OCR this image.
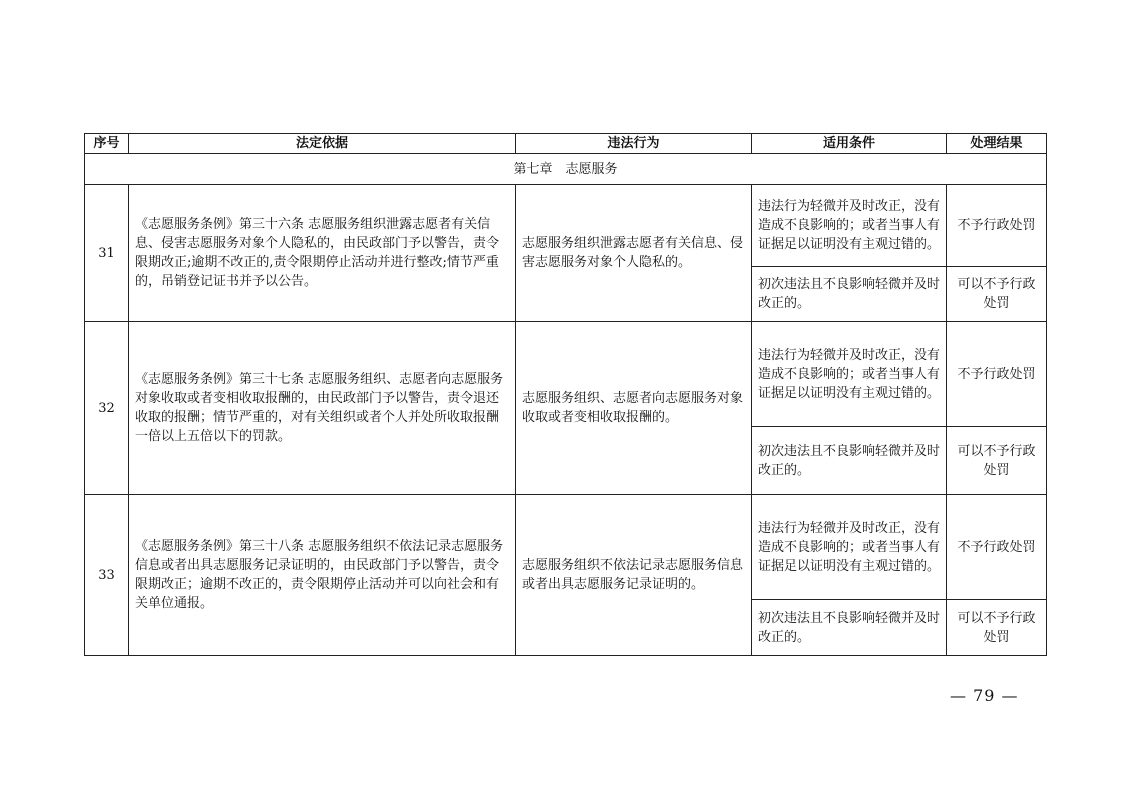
序号	法定依据	违法行为	适用条件	处理结果
第七章　志愿服务				
31	《志愿服务条例》第三十六条 志愿服务组织泄露志愿者有关信息、侵害志愿服务对象个人隐私的，由民政部门予以警告，责令限期改正;逾期不改正的,责令限期停止活动并进行整改;情节严重的，吊销登记证书并予以公告。	志愿服务组织泄露志愿者有关信息、侵害志愿服务对象个人隐私的。	违法行为轻微并及时改正，没有造成不良影响的；或者当事人有证据足以证明没有主观过错的。	不予行政处罚
			初次违法且不良影响轻微并及时改正的。	可以不予行政处罚
32	《志愿服务条例》第三十七条 志愿服务组织、志愿者向志愿服务对象收取或者变相收取报酬的，由民政部门予以警告，责令退还收取的报酬；情节严重的，对有关组织或者个人并处所收取报酬一倍以上五倍以下的罚款。	志愿服务组织、志愿者向志愿服务对象收取或者变相收取报酬的。	违法行为轻微并及时改正，没有造成不良影响的；或者当事人有证据足以证明没有主观过错的。	不予行政处罚
			初次违法且不良影响轻微并及时改正的。	可以不予行政处罚
33	《志愿服务条例》第三十八条 志愿服务组织不依法记录志愿服务信息或者出具志愿服务记录证明的，由民政部门予以警告，责令限期改正；逾期不改正的，责令限期停止活动并可以向社会和有关单位通报。	志愿服务组织不依法记录志愿服务信息或者出具志愿服务记录证明的。	违法行为轻微并及时改正，没有造成不良影响的；或者当事人有证据足以证明没有主观过错的。	不予行政处罚
			初次违法且不良影响轻微并及时改正的。	可以不予行政处罚
— 79 —
